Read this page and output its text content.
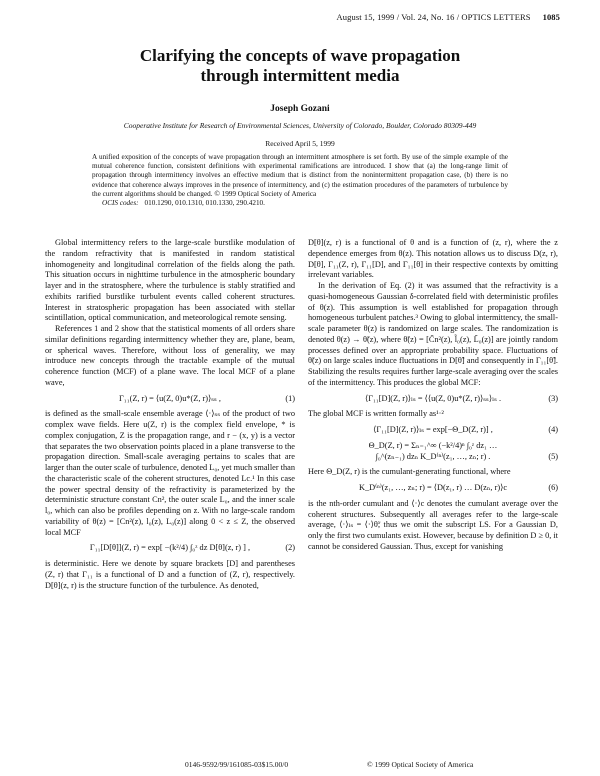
August 15, 1999 / Vol. 24, No. 16 / OPTICS LETTERS 1085
Clarifying the concepts of wave propagation
through intermittent media
Joseph Gozani
Cooperative Institute for Research of Environmental Sciences, University of Colorado, Boulder, Colorado 80309-449
Received April 5, 1999
A unified exposition of the concepts of wave propagation through an intermittent atmosphere is set forth. By use of the simple example of the mutual coherence function, consistent definitions with experimental ramifications are introduced. I show that (a) the long-range limit of propagation through intermittency involves an effective medium that is distinct from the nonintermittent propagation case, (b) there is no evidence that coherence always improves in the presence of intermittency, and (c) the estimation procedures of the parameters of turbulence by the current algorithms should be changed. © 1999 Optical Society of America
OCIS codes: 010.1290, 010.1310, 010.1330, 290.4210.

Global intermittency refers to the large-scale burstlike modulation of the random refractivity that is manifested in random statistical inhomogeneity and longitudinal correlation of the fields along the path. This situation occurs in nighttime turbulence in the atmospheric boundary layer and in the stratosphere, where the turbulence is stably stratified and exhibits rarified burstlike turbulent events called coherent structures. Interest in stratospheric propagation has been associated with stellar scintillation, optical communication, and meteorological remote sensing.

References 1 and 2 show that the statistical moments of all orders share similar definitions regarding intermittency whether they are, plane, beam, or spherical waves. Therefore, without loss of generality, we may introduce new concepts through the tractable example of the mutual coherence function (MCF) of a plane wave. The local MCF of a plane wave,

Γ₁₁(Z, r) = ⟨u(Z, 0)u*(Z, r)⟩ₛₛ ,	(1)

is defined as the small-scale ensemble average ⟨·⟩ₛₛ of the product of two complex wave fields. Here u(Z, r) is the complex field envelope, * is complex conjugation, Z is the propagation range, and r − (x, y) is a vector that separates the two observation points placed in a plane transverse to the propagation direction. Small-scale averaging pertains to scales that are larger than the outer scale of turbulence, denoted L₀, yet much smaller than the characteristic scale of the coherent structures, denoted Lc.¹ In this case the power spectral density of the refractivity is parameterized by the deterministic structure constant Cn², the outer scale L₀, and the inner scale l₀, which can also be profiles depending on z. With no large-scale random variability of θ(z) = [Cn²(z), l₀(z), L₀(z)] along 0 < z ≤ Z, the observed local MCF

Γ₁₁[D[θ]](Z, r) = exp[ −(k²/4) ∫₀ᶻ dz D[θ](z, r) ] ,	(2)

is deterministic. Here we denote by square brackets [D] and parentheses (Z, r) that Γ₁₁ is a functional of D and a function of (Z, r), respectively. D[θ](z, r) is the structure function of the turbulence. As denoted,

D[θ](z, r) is a functional of θ and is a function of (z, r), where the z dependence emerges from θ(z). This notation allows us to discuss D(z, r), D[θ], Γ₁₁(Z, r), Γ₁₁[D], and Γ₁₁[θ] in their respective contexts by omitting irrelevant variables.

In the derivation of Eq. (2) it was assumed that the refractivity is a quasi-homogeneous Gaussian δ-correlated field with deterministic profiles of θ(z). This assumption is well established for propagation through homogeneous turbulent patches.³ Owing to global intermittency, the small-scale parameter θ(z) is randomized on large scales. The randomization is denoted θ(z) → θ̃(z), where θ̃(z) = [C̃n²(z), l̃₀(z), L̃₀(z)] are jointly random processes defined over an appropriate probability space. Fluctuations of θ̃(z) on large scales induce fluctuations in D[θ̃] and consequently in Γ₁₁[θ̃]. Stabilizing the results requires further large-scale averaging over the scales of the intermittency. This produces the global MCF:

⟨Γ₁₁[D](Z, r)⟩ₗₛ = ⟨⟨u(Z, 0)u*(Z, r)⟩ₛₛ⟩ₗₛ .	(3)

The global MCF is written formally as¹·²

⟨Γ₁₁[D](Z, r)⟩ₗₛ = exp[−Θ_D(Z, r)] ,	(4)
Θ_D(Z, r) = Σₙ₌₁^∞ (−k²/4)ⁿ ∫₀ᶻ dz₁ …
∫₀^(zₙ₋₁) dzₙ K_D⁽ⁿ⁾(z₁, …, zₙ; r) .	(5)

Here Θ_D(Z, r) is the cumulant-generating functional, where

K_D⁽ⁿ⁾(z₁, …, zₙ; r) = ⟨D(z₁, r) … D(zₙ, r)⟩c	(6)

is the nth-order cumulant and ⟨·⟩c denotes the cumulant average over the coherent structures. Subsequently all averages refer to the large-scale average, ⟨·⟩ₗₛ = ⟨·⟩θ̃; thus we omit the subscript LS. For a Gaussian D, only the first two cumulants exist. However, because by definition D ≥ 0, it cannot be considered Gaussian. Thus, except for vanishing

0146-9592/99/161085-03$15.00/0	© 1999 Optical Society of America
